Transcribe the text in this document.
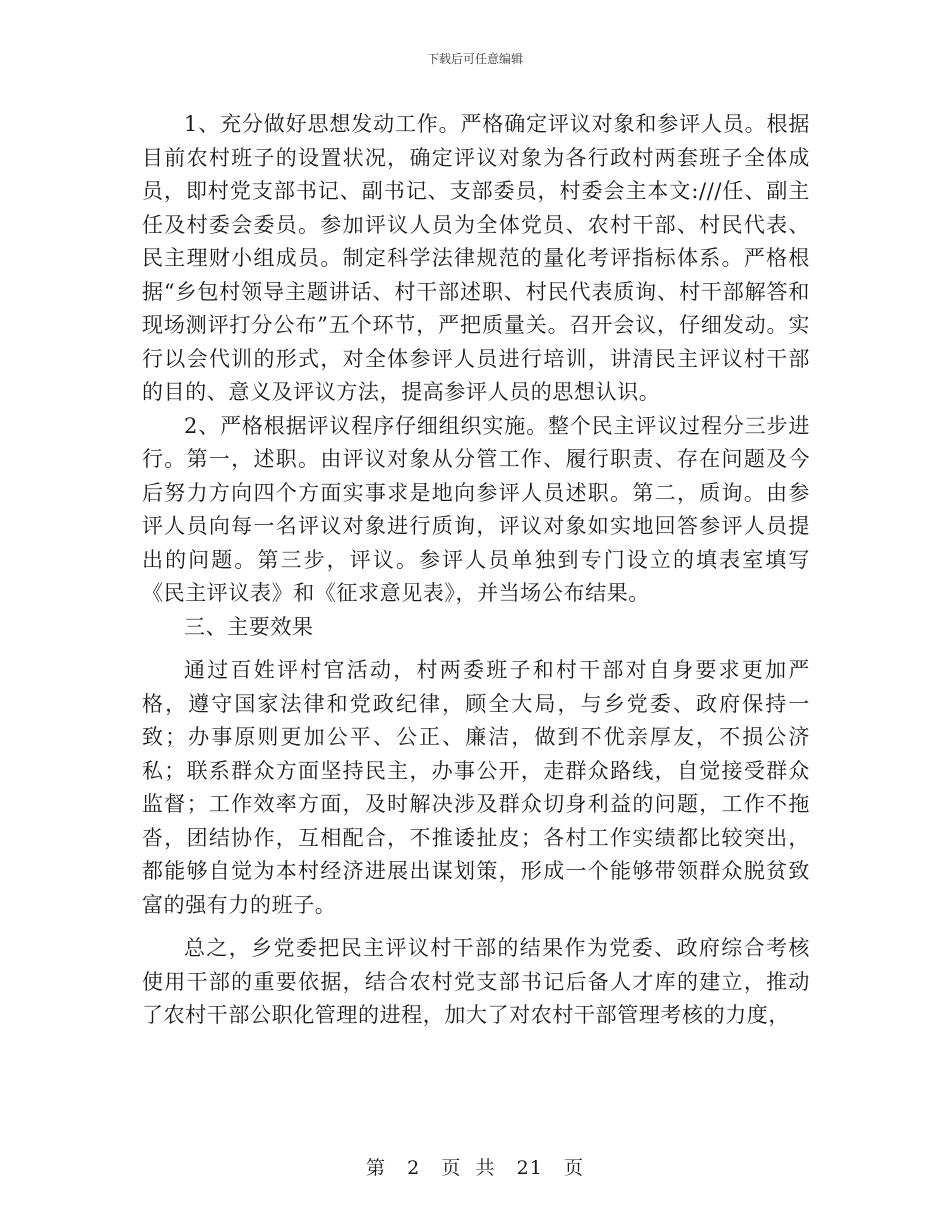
下载后可任意编辑

1、充分做好思想发动工作。严格确定评议对象和参评人员。根据目前农村班子的设置状况，确定评议对象为各行政村两套班子全体成员，即村党支部书记、副书记、支部委员，村委会主本文:///任、副主任及村委会委员。参加评议人员为全体党员、农村干部、村民代表、民主理财小组成员。制定科学法律规范的量化考评指标体系。严格根据“乡包村领导主题讲话、村干部述职、村民代表质询、村干部解答和现场测评打分公布”五个环节，严把质量关。召开会议，仔细发动。实行以会代训的形式，对全体参评人员进行培训，讲清民主评议村干部的目的、意义及评议方法，提高参评人员的思想认识。

2、严格根据评议程序仔细组织实施。整个民主评议过程分三步进行。第一，述职。由评议对象从分管工作、履行职责、存在问题及今后努力方向四个方面实事求是地向参评人员述职。第二，质询。由参评人员向每一名评议对象进行质询，评议对象如实地回答参评人员提出的问题。第三步，评议。参评人员单独到专门设立的填表室填写《民主评议表》和《征求意见表》，并当场公布结果。

三、主要效果

通过百姓评村官活动，村两委班子和村干部对自身要求更加严格，遵守国家法律和党政纪律，顾全大局，与乡党委、政府保持一致；办事原则更加公平、公正、廉洁，做到不优亲厚友，不损公济私；联系群众方面坚持民主，办事公开，走群众路线，自觉接受群众监督；工作效率方面，及时解决涉及群众切身利益的问题，工作不拖沓，团结协作，互相配合，不推诿扯皮；各村工作实绩都比较突出，都能够自觉为本村经济进展出谋划策，形成一个能够带领群众脱贫致富的强有力的班子。

总之，乡党委把民主评议村干部的结果作为党委、政府综合考核使用干部的重要依据，结合农村党支部书记后备人才库的建立，推动了农村干部公职化管理的进程，加大了对农村干部管理考核的力度，

第 2 页  共 21 页
